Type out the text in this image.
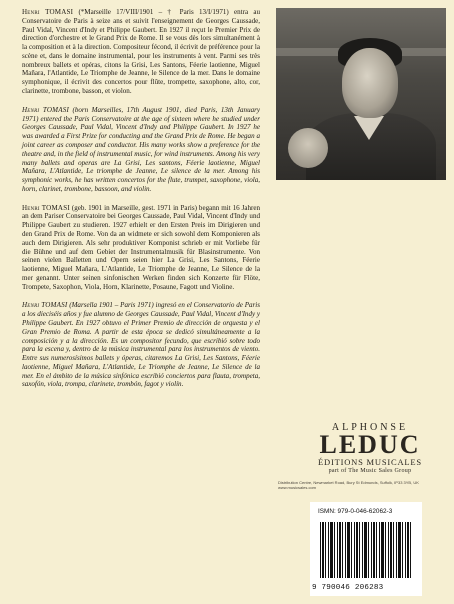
Henri TOMASI (*Marseille 17/VIII/1901 – † Paris 13/I/1971) entra au Conservatoire de Paris à seize ans et suivit l'enseignement de Georges Caussade, Paul Vidal, Vincent d'Indy et Philippe Gaubert. En 1927 il reçut le Premier Prix de direction d'orchestre et le Grand Prix de Rome. Il se vous dès lors simultanément à la composition et à la direction. Compositeur fécond, il écrivit de préférence pour la scène et, dans le domaine instrumental, pour les instruments à vent. Parmi ses très nombreux ballets et opéras, citons la Grisi, Les Santons, Féerie laotienne, Miguel Mañara, l'Atlantide, Le Triomphe de Jeanne, le Silence de la mer. Dans le domaine symphonique, il écrivit des concertos pour flûte, trompette, saxophone, alto, cor, clarinette, trombone, basson, et violon.

Henri TOMASI (born Marseilles, 17th August 1901, died Paris, 13th January 1971) entered the Paris Conservatoire at the age of sixteen where he studied under Georges Caussade, Paul Vidal, Vincent d'Indy and Philippe Gaubert. In 1927 he was awarded a First Prize for conducting and the Grand Prix de Rome. He began a joint career as composer and conductor. His many works show a preference for the theatre and, in the field of instrumental music, for wind instruments. Among his very many ballets and operas are La Grisi, Les santons, Féerie laotienne, Miguel Mañara, L'Atlantide, Le triomphe de Jeanne, Le silence de la mer. Among his symphonic works, he has written concertos for the flute, trumpet, saxophone, viola, horn, clarinet, trombone, bassoon, and violin.

Henri TOMASI (geb. 1901 in Marseille, gest. 1971 in Paris) begann mit 16 Jahren an dem Pariser Conservatoire bei Georges Caussade, Paul Vidal, Vincent d'Indy und Philippe Gaubert zu studieren. 1927 erhielt er den Ersten Preis im Dirigieren und den Grand Prix de Rome. Von da an widmete er sich sowohl dem Komponieren als auch dem Dirigieren. Als sehr produktiver Komponist schrieb er mit Vorliebe für die Bühne und auf dem Gebiet der Instrumentalmusik für Blasinstrumente. Von seinen vielen Balletten und Opern seien hier La Grisi, Les Santons, Féerie laotienne, Miguel Mañara, L'Atlantide, Le Triomphe de Jeanne, Le Silence de la mer genannt. Unter seinen sinfonischen Werken finden sich Konzerte für Flöte, Trompete, Saxophon, Viola, Horn, Klarinette, Posaune, Fagott und Violine.

Henri TOMASI (Marsella 1901 – Paris 1971) ingresó en el Conservatorio de Paris a los dieciséis años y fue alumno de Georges Caussade, Paul Vidal, Vincent d'Indy y Philippe Gaubert. En 1927 obtuvo el Primer Premio de dirección de orquesta y el Gran Premio de Roma. A partir de esta época se dedicó simultáneamente a la composición y a la dirección. Es un compositor fecundo, que escribió sobre todo para la escena y, dentro de la música instrumental para los instrumentos de viento. Entre sus numerosísimos ballets y óperas, citaremos La Grisi, Les Santons, Féerie laotienne, Miguel Mañara, L'Atlantide, Le Triomphe de Jeanne, Le Silence de la mer. En el ámbito de la música sinfónica escribió conciertos para flauta, trompeta, saxofón, viola, trompa, clarinete, trombón, fagot y violín.

ALPHONSE
LEDUC
ÉDITIONS MUSICALES
part of The Music Sales Group
Distribution Centre, Newmarket Road, Bury St Edmunds, Suffolk, IP33 3YB, UK
www.musicsales.com
ISMN: 979-0-046-62062-3
9 790046 206283
